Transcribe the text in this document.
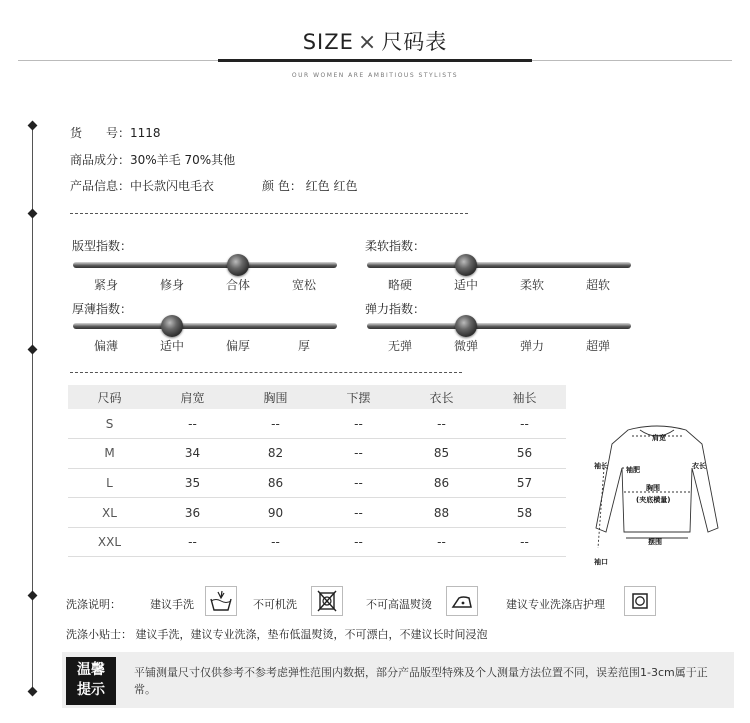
SIZE × 尺码表
OUR WOMEN ARE AMBITIOUS STYLISTS
货　　号：1118
商品成分：30%羊毛 70%其他
产品信息：中长款闪电毛衣	颜 色： 红色 红色
版型指数：
紧身	修身	合体	宽松
柔软指数：
略硬	适中	柔软	超软
厚薄指数：
偏薄	适中	偏厚	厚
弹力指数：
无弹	微弹	弹力	超弹
尺码	肩宽	胸围	下摆	衣长	袖长
S	--	--	--	--	--
M	34	82	--	85	56
L	35	86	--	86	57
XL	36	90	--	88	58
XXL	--	--	--	--	--
肩宽
袖长	衣长
袖肥
胸围
(夹底横量)
摆围
袖口
洗涤说明：	建议手洗	不可机洗	不可高温熨烫	建议专业洗涤店护理
洗涤小贴士： 建议手洗，建议专业洗涤，垫布低温熨烫，不可漂白，不建议长时间浸泡
温馨
提示
平铺测量尺寸仅供参考不参考虑弹性范围内数据，部分产品版型特殊及个人测量方法位置不同，误差范围1-3cm属于正常。
